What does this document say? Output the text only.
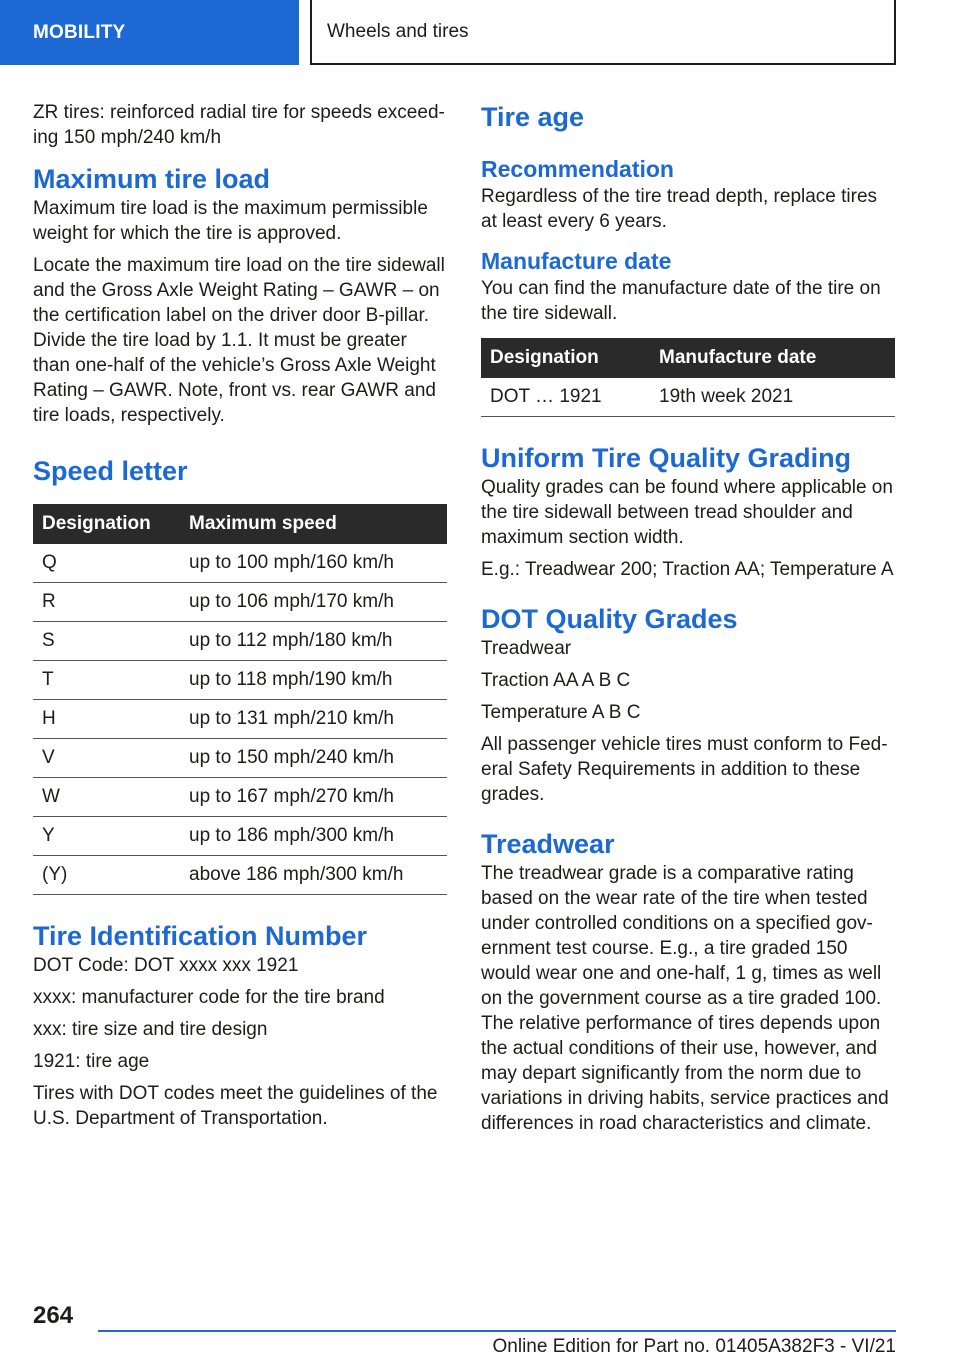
MOBILITY	Wheels and tires

ZR tires: reinforced radial tire for speeds exceed-ing 150 mph/240 km/h

Maximum tire load

Maximum tire load is the maximum permissible weight for which the tire is approved.

Locate the maximum tire load on the tire sidewall and the Gross Axle Weight Rating – GAWR – on the certification label on the driver door B-pillar. Divide the tire load by 1.1. It must be greater than one-half of the vehicle’s Gross Axle Weight Rating – GAWR. Note, front vs. rear GAWR and tire loads, respectively.

Speed letter
Designation	Maximum speed
Q	up to 100 mph/160 km/h
R	up to 106 mph/170 km/h
S	up to 112 mph/180 km/h
T	up to 118 mph/190 km/h
H	up to 131 mph/210 km/h
V	up to 150 mph/240 km/h
W	up to 167 mph/270 km/h
Y	up to 186 mph/300 km/h
(Y)	above 186 mph/300 km/h
Tire Identification Number

DOT Code: DOT xxxx xxx 1921

xxxx: manufacturer code for the tire brand

xxx: tire size and tire design

1921: tire age

Tires with DOT codes meet the guidelines of the U.S. Department of Transportation.

Tire age
Recommendation

Regardless of the tire tread depth, replace tires at least every 6 years.

Manufacture date

You can find the manufacture date of the tire on the tire sidewall.

Designation	Manufacture date
DOT … 1921	19th week 2021
Uniform Tire Quality Grading

Quality grades can be found where applicable on the tire sidewall between tread shoulder and maximum section width.

E.g.: Treadwear 200; Traction AA; Temperature A

DOT Quality Grades

Treadwear

Traction AA A B C

Temperature A B C

All passenger vehicle tires must conform to Fed-eral Safety Requirements in addition to these grades.

Treadwear

The treadwear grade is a comparative rating based on the wear rate of the tire when tested under controlled conditions on a specified gov-ernment test course. E.g., a tire graded 150 would wear one and one-half, 1 g, times as well on the government course as a tire graded 100. The relative performance of tires depends upon the actual conditions of their use, however, and may depart significantly from the norm due to variations in driving habits, service practices and differences in road characteristics and climate.

264
Online Edition for Part no. 01405A382F3 - VI/21
